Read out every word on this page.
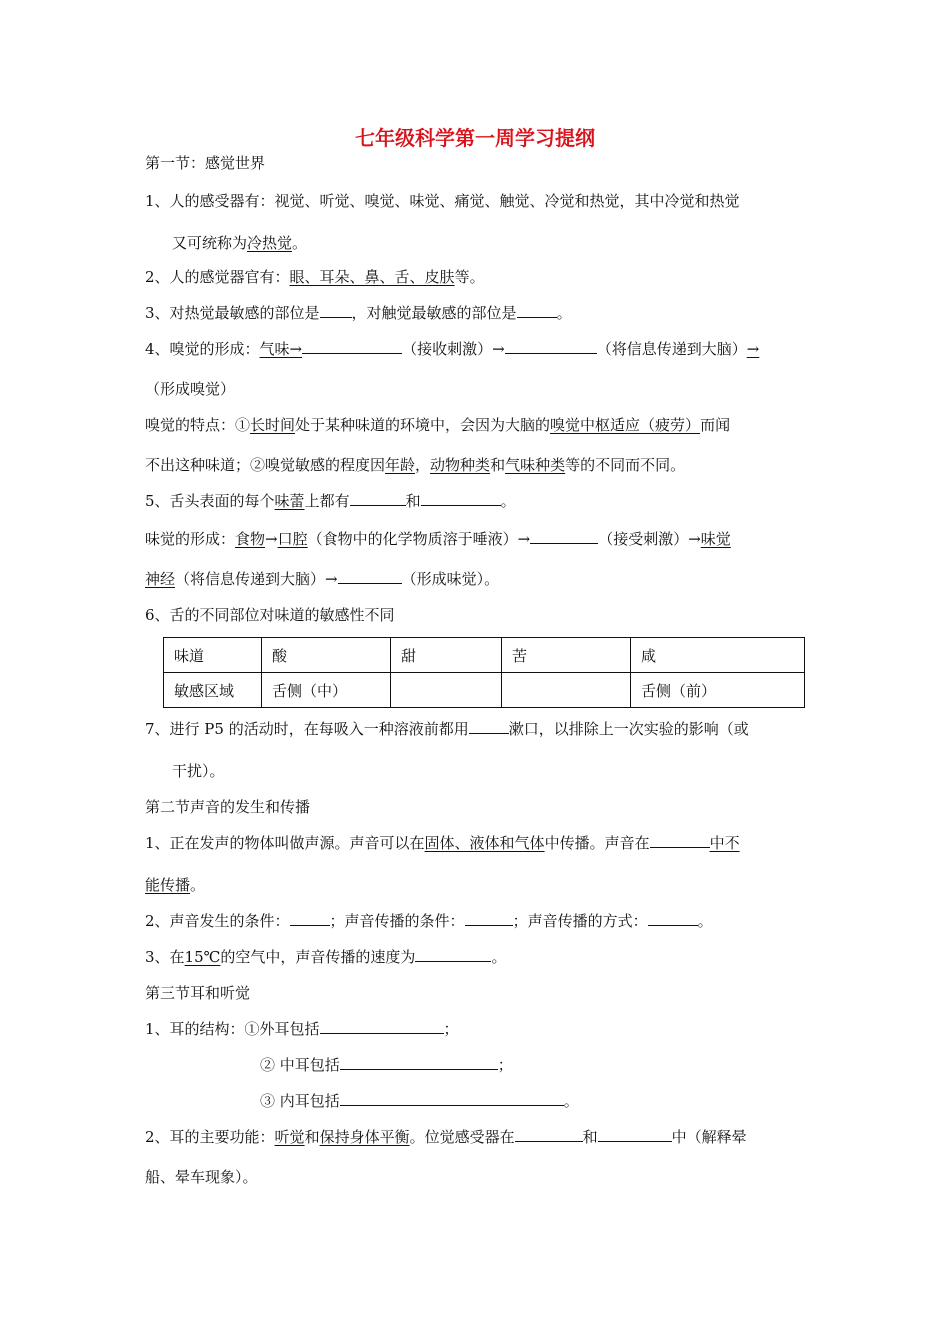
七年级科学第一周学习提纲
第一节：感觉世界
1、人的感受器有：视觉、听觉、嗅觉、味觉、痛觉、触觉、冷觉和热觉，其中冷觉和热觉
又可统称为冷热觉。
2、人的感觉器官有：眼、耳朵、鼻、舌、皮肤等。
3、对热觉最敏感的部位是 ，对触觉最敏感的部位是	。
4、嗅觉的形成：气味→	（接收刺激）→	（将信息传递到大脑）→
（形成嗅觉）
嗅觉的特点：①长时间处于某种味道的环境中，会因为大脑的嗅觉中枢适应（疲劳）而闻
不出这种味道；②嗅觉敏感的程度因年龄，动物种类和气味种类等的不同而不同。
5、舌头表面的每个味蕾上都有	和	。
味觉的形成：食物→口腔（食物中的化学物质溶于唾液）→	（接受刺激）→味觉
神经（将信息传递到大脑）→	（形成味觉）。
6、舌的不同部位对味道的敏感性不同
味道	酸	甜	苦	咸
敏感区域	舌侧（中）			舌侧（前）
7、进行 P5 的活动时，在每吸入一种溶液前都用	漱口，以排除上一次实验的影响（或
干扰）。
第二节声音的发生和传播
1、正在发声的物体叫做声源。声音可以在固体、液体和气体中传播。声音在	中不
能传播。
2、声音发生的条件：	；声音传播的条件：	；声音传播的方式：	。
3、在15℃的空气中，声音传播的速度为	。
第三节耳和听觉
1、耳的结构：①外耳包括	；
② 中耳包括	；
③ 内耳包括	。
2、耳的主要功能：听觉和保持身体平衡。位觉感受器在	和	中（解释晕
船、晕车现象）。
